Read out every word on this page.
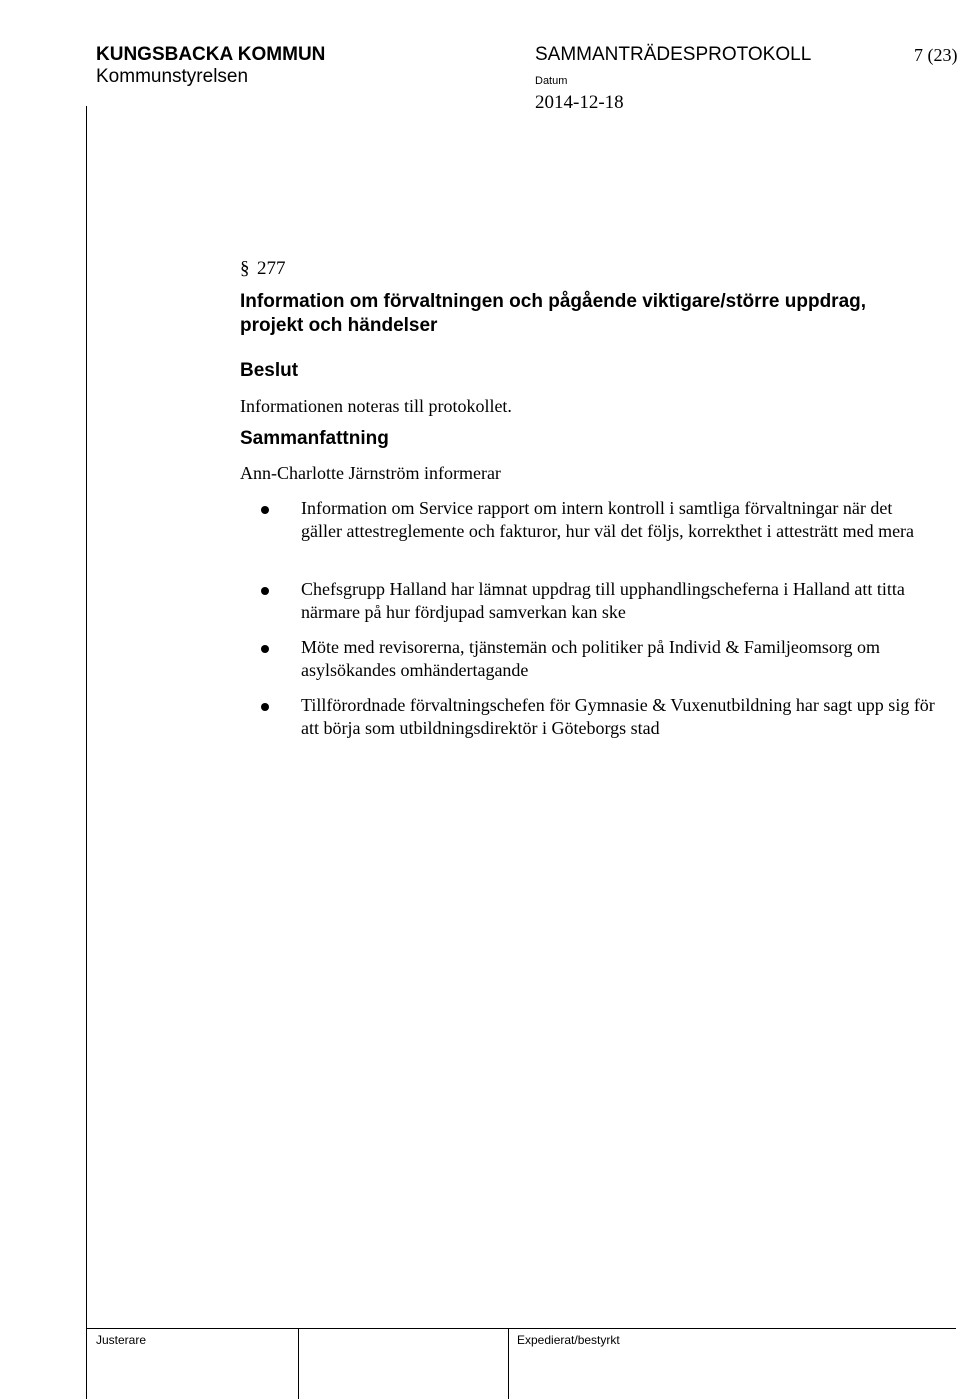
KUNGSBACKA KOMMUN
Kommunstyrelsen
SAMMANTRÄDESPROTOKOLL	7 (23)
Datum
2014-12-18
§ 277
Information om förvaltningen och pågående viktigare/större uppdrag, projekt och händelser
Beslut
Informationen noteras till protokollet.
Sammanfattning
Ann-Charlotte Järnström informerar
Information om Service rapport om intern kontroll i samtliga förvaltningar när det gäller attestreglemente och fakturor, hur väl det följs, korrekthet i attesträtt med mera
Chefsgrupp Halland har lämnat uppdrag till upphandlingscheferna i Halland att titta närmare på hur fördjupad samverkan kan ske
Möte med revisorerna, tjänstemän och politiker på Individ & Familjeomsorg om asylsökandes omhändertagande
Tillförordnade förvaltningschefen för Gymnasie & Vuxenutbildning har sagt upp sig för att börja som utbildningsdirektör i Göteborgs stad
Justerare	Expedierat/bestyrkt
